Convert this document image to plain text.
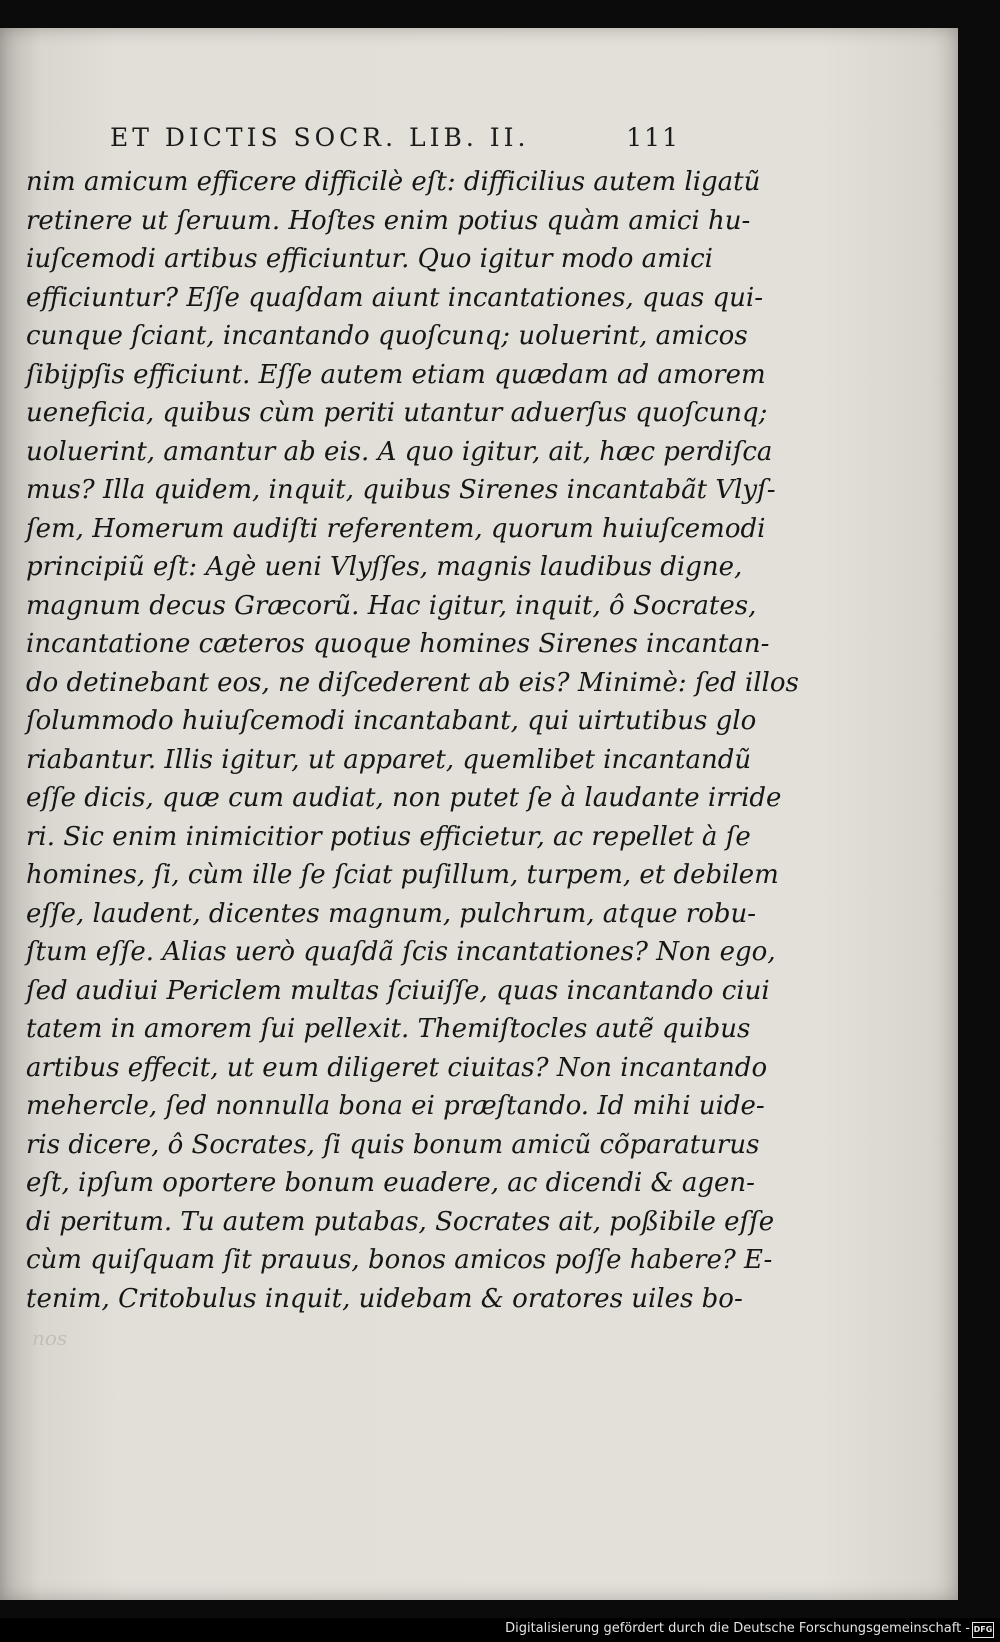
ET DICTIS SOCR. LIB. II.	111
nim amicum efficere difficilè eſt: difficilius autem ligatũ
retinere ut ſeruum. Hoſtes enim potius quàm amici hu-
iuſcemodi artibus efficiuntur. Quo igitur modo amici
efficiuntur? Eſſe quaſdam aiunt incantationes, quas qui-
cunque ſciant, incantando quoſcunq; uoluerint, amicos
ſibijpſis efficiunt. Eſſe autem etiam quædam ad amorem
ueneficia, quibus cùm periti utantur aduerſus quoſcunq;
uoluerint, amantur ab eis. A quo igitur, ait, hæc perdiſca
mus? Illa quidem, inquit, quibus Sirenes incantabãt Vlyſ-
ſem, Homerum audiſti referentem, quorum huiuſcemodi
principiũ eſt: Agè ueni Vlyſſes, magnis laudibus digne,
magnum decus Græcorũ. Hac igitur, inquit, ô Socrates,
incantatione cæteros quoque homines Sirenes incantan-
do detinebant eos, ne diſcederent ab eis? Minimè: ſed illos
ſolummodo huiuſcemodi incantabant, qui uirtutibus glo
riabantur. Illis igitur, ut apparet, quemlibet incantandũ
eſſe dicis, quæ cum audiat, non putet ſe à laudante irride
ri. Sic enim inimicitior potius efficietur, ac repellet à ſe
homines, ſi, cùm ille ſe ſciat puſillum, turpem, et debilem
eſſe, laudent, dicentes magnum, pulchrum, atque robu-
ſtum eſſe. Alias uerò quaſdã ſcis incantationes? Non ego,
ſed audiui Periclem multas ſciuiſſe, quas incantando ciui
tatem in amorem ſui pellexit. Themiſtocles autẽ quibus
artibus effecit, ut eum diligeret ciuitas? Non incantando
mehercle, ſed nonnulla bona ei præſtando. Id mihi uide-
ris dicere, ô Socrates, ſi quis bonum amicũ cõparaturus
eſt, ipſum oportere bonum euadere, ac dicendi & agen-
di peritum. Tu autem putabas, Socrates ait, poßibile eſſe
cùm quiſquam ſit prauus, bonos amicos poſſe habere? E-
tenim, Critobulus inquit, uidebam & oratores uiles bo-
nos
Digitalisierung gefördert durch die Deutsche Forschungsgemeinschaft - DFG
